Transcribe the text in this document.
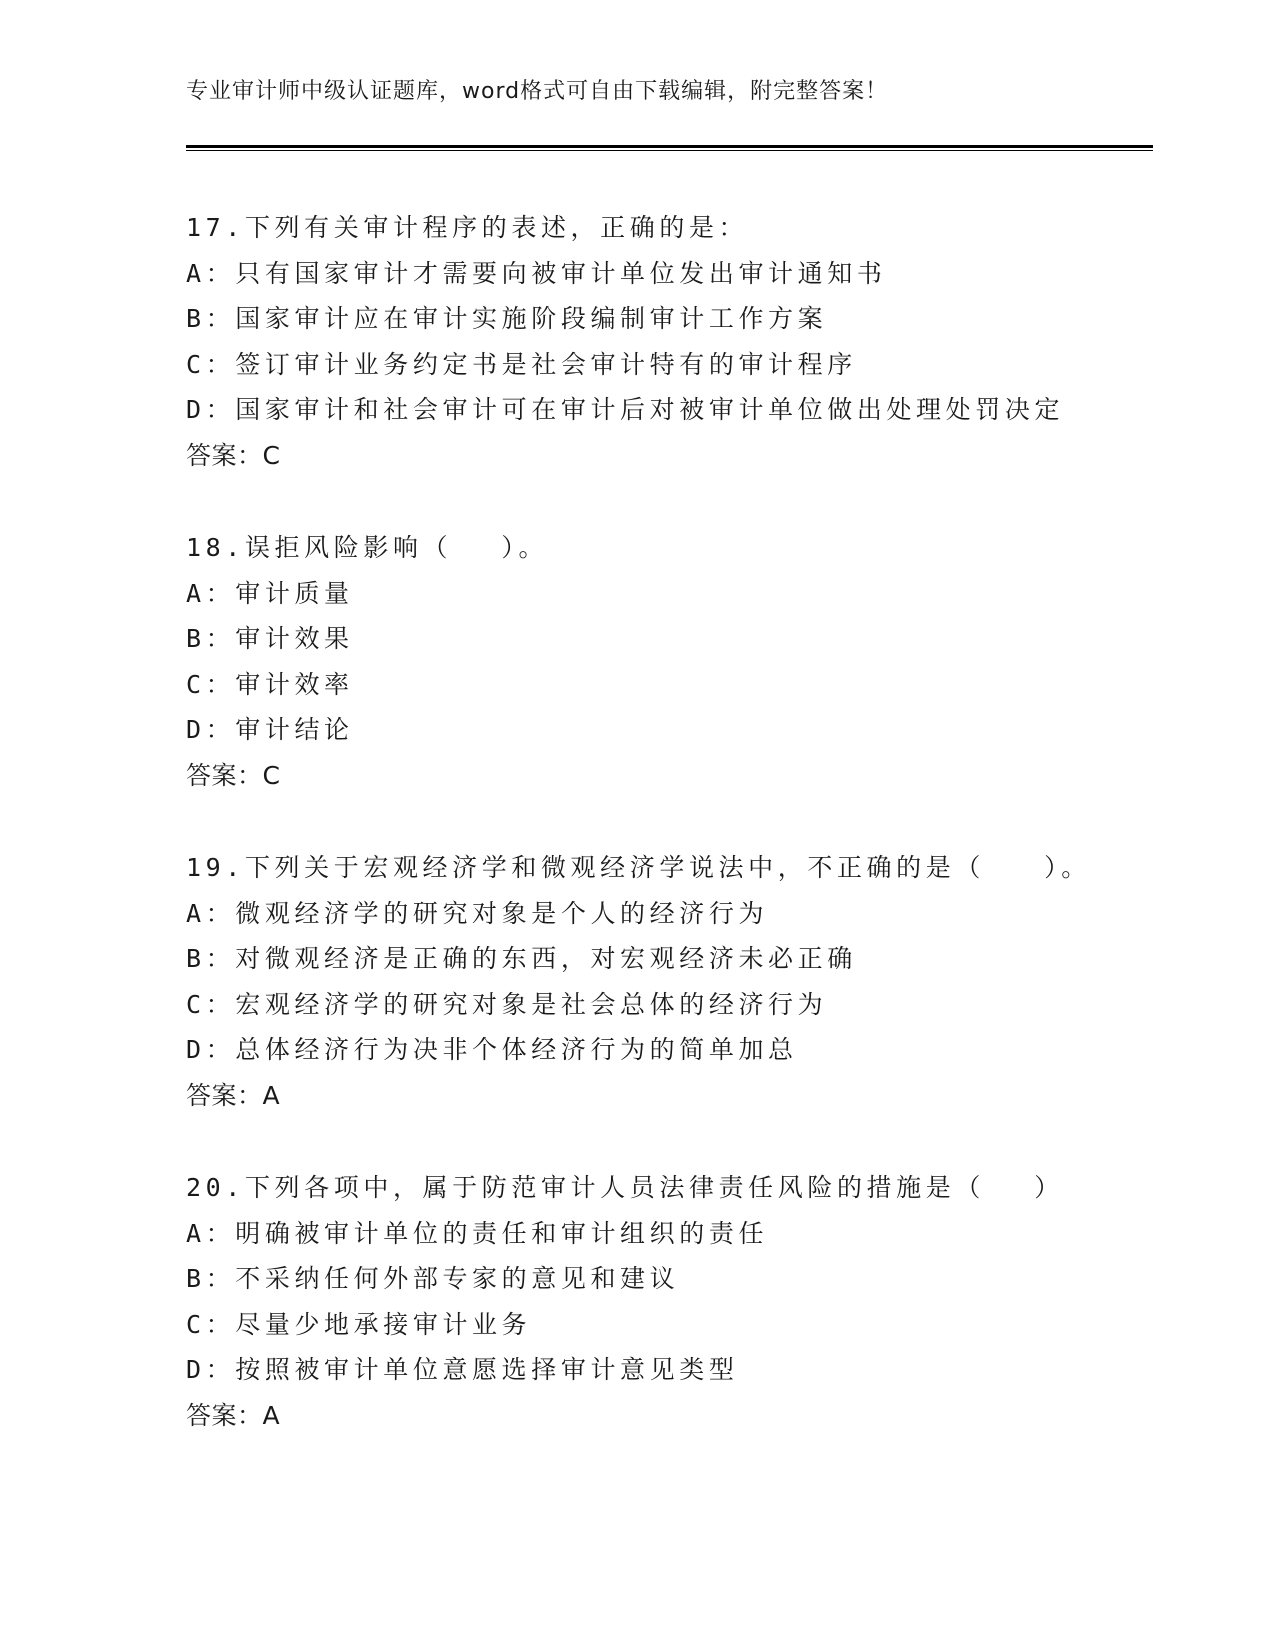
专业审计师中级认证题库，word格式可自由下载编辑，附完整答案！
17.下列有关审计程序的表述，正确的是：
A：只有国家审计才需要向被审计单位发出审计通知书
B：国家审计应在审计实施阶段编制审计工作方案
C：签订审计业务约定书是社会审计特有的审计程序
D：国家审计和社会审计可在审计后对被审计单位做出处理处罚决定
答案：C
18.误拒风险影响（　 ）。
A：审计质量
B：审计效果
C：审计效率
D：审计结论
答案：C
19.下列关于宏观经济学和微观经济学说法中，不正确的是（　　）。
A：微观经济学的研究对象是个人的经济行为
B：对微观经济是正确的东西，对宏观经济未必正确
C：宏观经济学的研究对象是社会总体的经济行为
D：总体经济行为决非个体经济行为的简单加总
答案：A
20.下列各项中，属于防范审计人员法律责任风险的措施是（　 ）
A：明确被审计单位的责任和审计组织的责任
B：不采纳任何外部专家的意见和建议
C：尽量少地承接审计业务
D：按照被审计单位意愿选择审计意见类型
答案：A
